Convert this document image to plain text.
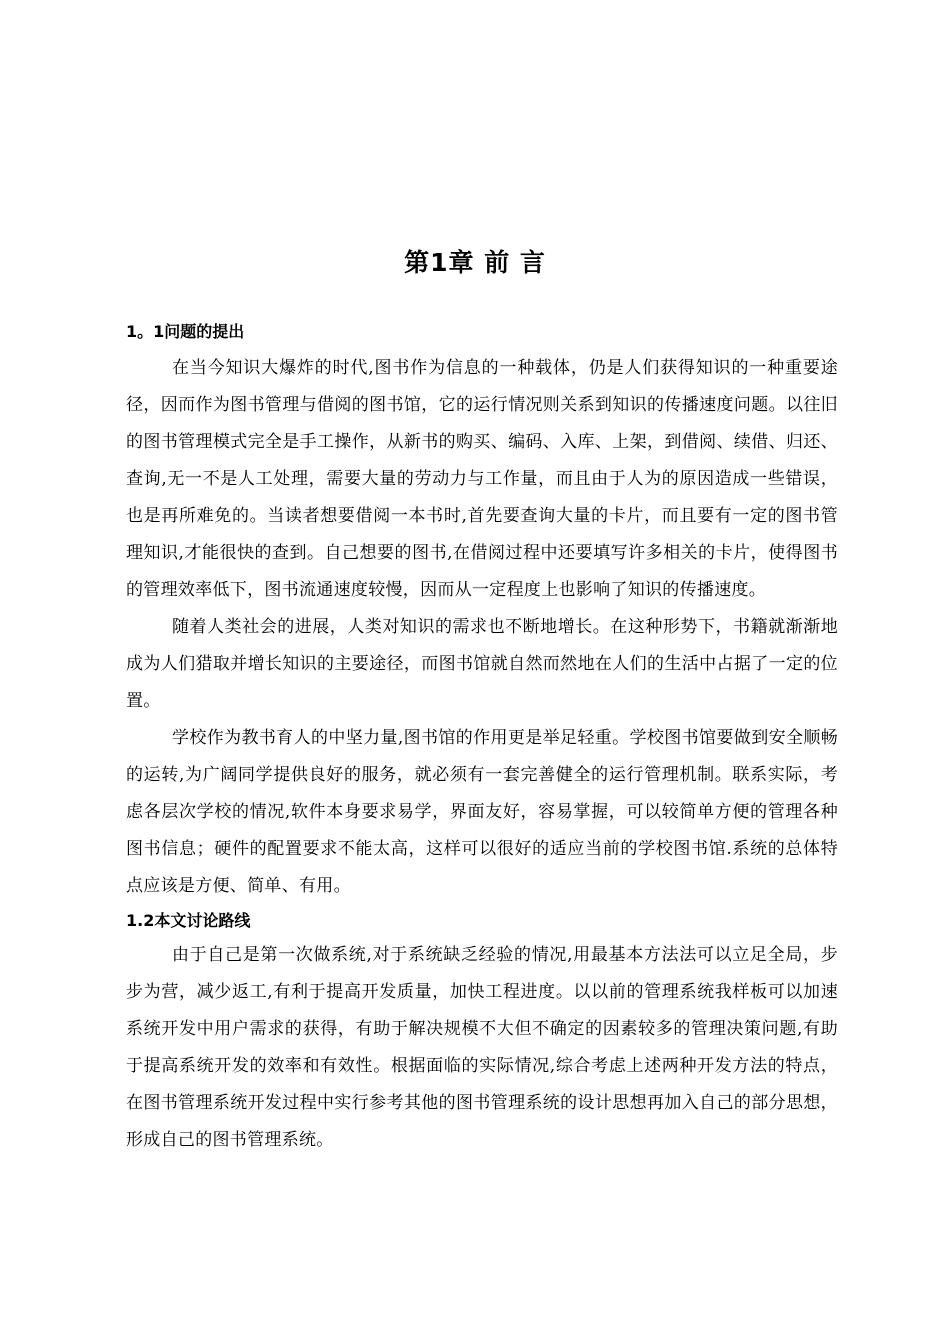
第1章 前 言
1。1问题的提出

在当今知识大爆炸的时代,图书作为信息的一种载体，仍是人们获得知识的一种重要途径，因而作为图书管理与借阅的图书馆，它的运行情况则关系到知识的传播速度问题。以往旧的图书管理模式完全是手工操作，从新书的购买、编码、入库、上架，到借阅、续借、归还、查询,无一不是人工处理，需要大量的劳动力与工作量，而且由于人为的原因造成一些错误，也是再所难免的。当读者想要借阅一本书时,首先要查询大量的卡片，而且要有一定的图书管理知识,才能很快的查到。自己想要的图书,在借阅过程中还要填写许多相关的卡片，使得图书的管理效率低下，图书流通速度较慢，因而从一定程度上也影响了知识的传播速度。

随着人类社会的进展，人类对知识的需求也不断地增长。在这种形势下，书籍就渐渐地成为人们猎取并增长知识的主要途径，而图书馆就自然而然地在人们的生活中占据了一定的位置。

学校作为教书育人的中坚力量,图书馆的作用更是举足轻重。学校图书馆要做到安全顺畅的运转,为广阔同学提供良好的服务，就必须有一套完善健全的运行管理机制。联系实际，考虑各层次学校的情况,软件本身要求易学，界面友好，容易掌握，可以较简单方便的管理各种图书信息；硬件的配置要求不能太高，这样可以很好的适应当前的学校图书馆.系统的总体特点应该是方便、简单、有用。

1.2本文讨论路线

由于自己是第一次做系统,对于系统缺乏经验的情况,用最基本方法法可以立足全局，步步为营，减少返工,有利于提高开发质量，加快工程进度。以以前的管理系统我样板可以加速系统开发中用户需求的获得，有助于解决规模不大但不确定的因素较多的管理决策问题,有助于提高系统开发的效率和有效性。根据面临的实际情况,综合考虑上述两种开发方法的特点，在图书管理系统开发过程中实行参考其他的图书管理系统的设计思想再加入自己的部分思想，形成自己的图书管理系统。
